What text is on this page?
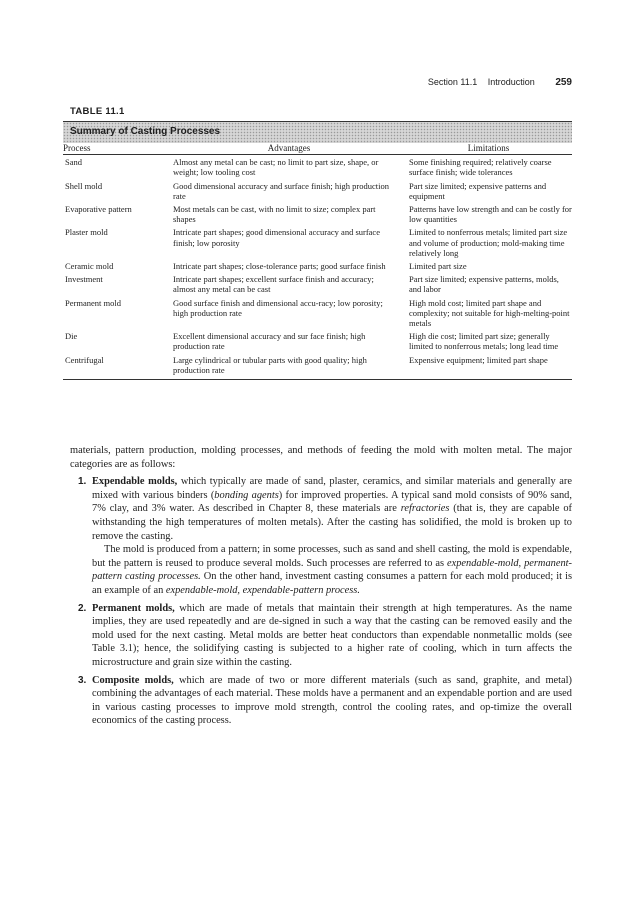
Section 11.1 Introduction 259
TABLE 11.1
Summary of Casting Processes
Process	Advantages	Limitations
Sand	Almost any metal can be cast; no limit to part size, shape, or weight; low tooling cost	Some finishing required; relatively coarse surface finish; wide tolerances
Shell mold	Good dimensional accuracy and surface finish; high production rate	Part size limited; expensive patterns and equipment
Evaporative pattern	Most metals can be cast, with no limit to size; complex part shapes	Patterns have low strength and can be costly for low quantities
Plaster mold	Intricate part shapes; good dimensional accuracy and surface finish; low porosity	Limited to nonferrous metals; limited part size and volume of production; mold-making time relatively long
Ceramic mold	Intricate part shapes; close-tolerance parts; good surface finish	Limited part size
Investment	Intricate part shapes; excellent surface finish and accuracy; almost any metal can be cast	Part size limited; expensive patterns, molds, and labor
Permanent mold	Good surface finish and dimensional accu-racy; low porosity; high production rate	High mold cost; limited part shape and complexity; not suitable for high-melting-point metals
Die	Excellent dimensional accuracy and sur face finish; high production rate	High die cost; limited part size; generally limited to nonferrous metals; long lead time
Centrifugal	Large cylindrical or tubular parts with good quality; high production rate	Expensive equipment; limited part shape

materials, pattern production, molding processes, and methods of feeding the mold with molten metal. The major categories are as follows:

1. Expendable molds, which typically are made of sand, plaster, ceramics, and similar materials and generally are mixed with various binders (bonding agents) for improved properties. A typical sand mold consists of 90% sand, 7% clay, and 3% water. As described in Chapter 8, these materials are refractories (that is, they are capable of withstanding the high temperatures of molten metals). After the casting has solidified, the mold is broken up to remove the casting.
The mold is produced from a pattern; in some processes, such as sand and shell casting, the mold is expendable, but the pattern is reused to produce several molds. Such processes are referred to as expendable-mold, permanent-pattern casting processes. On the other hand, investment casting consumes a pattern for each mold produced; it is an example of an expendable-mold, expendable-pattern process.
2. Permanent molds, which are made of metals that maintain their strength at high temperatures. As the name implies, they are used repeatedly and are de-signed in such a way that the casting can be removed easily and the mold used for the next casting. Metal molds are better heat conductors than expendable nonmetallic molds (see Table 3.1); hence, the solidifying casting is subjected to a higher rate of cooling, which in turn affects the microstructure and grain size within the casting.
3. Composite molds, which are made of two or more different materials (such as sand, graphite, and metal) combining the advantages of each material. These molds have a permanent and an expendable portion and are used in various casting processes to improve mold strength, control the cooling rates, and op-timize the overall economics of the casting process.
